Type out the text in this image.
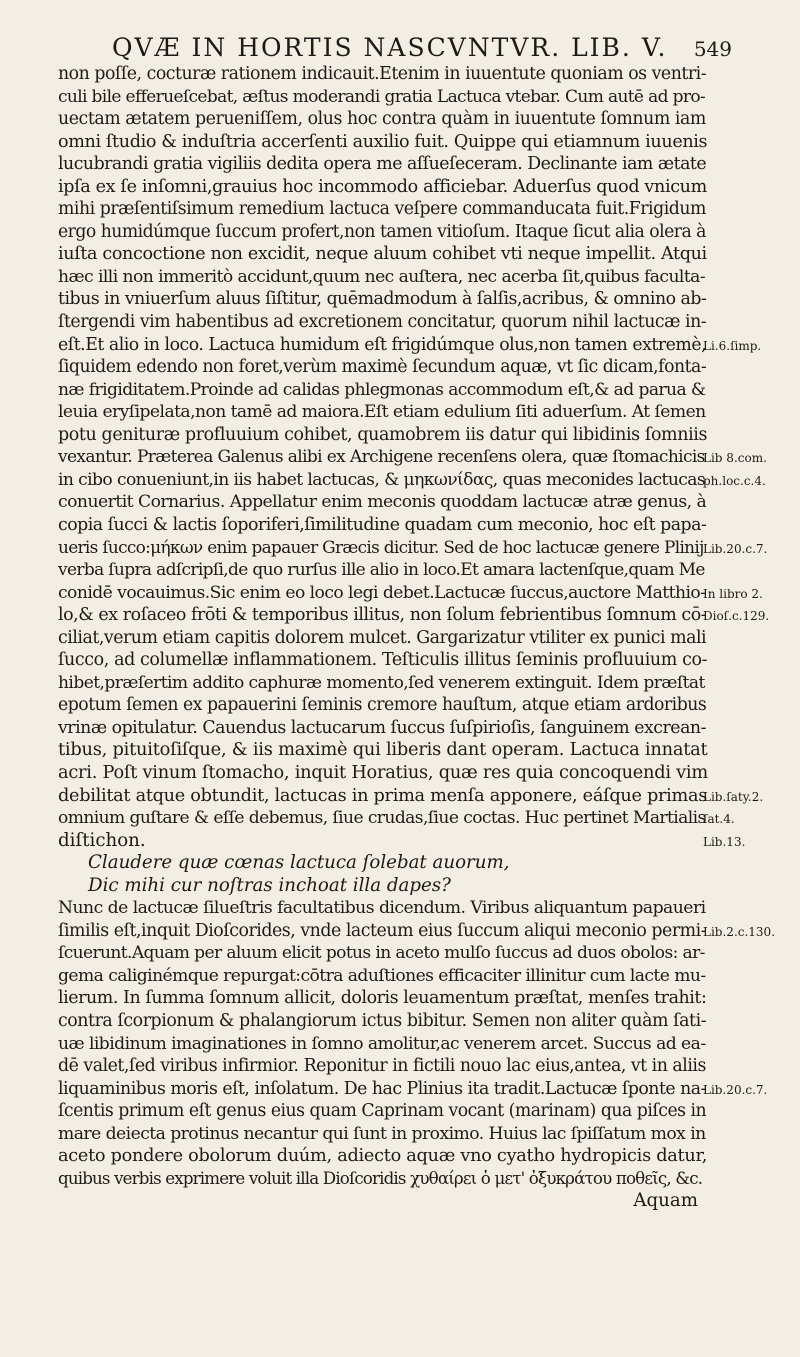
QVÆ IN HORTIS NASCVNTVR. LIB. V. 549
non poſſe, cocturæ rationem indicauit.Etenim in iuuentute quoniam os ventri-
culi bile efferueſcebat, æſtus moderandi gratia Lactuca vtebar. Cum autē ad pro-
uectam ætatem perueniſſem, olus hoc contra quàm in iuuentute ſomnum iam
omni ſtudio & induſtria accerſenti auxilio fuit. Quippe qui etiamnum iuuenis
lucubrandi gratia vigiliis dedita opera me aſſueſeceram. Declinante iam ætate
ipſa ex ſe inſomni,grauius hoc incommodo afficiebar. Aduerſus quod vnicum
mihi præſentiſsimum remedium lactuca veſpere commanducata fuit.Frigidum
ergo humidúmque ſuccum profert,non tamen vitioſum. Itaque ſicut alia olera à
iuſta concoctione non excidit, neque aluum cohibet vti neque impellit. Atqui
hæc illi non immeritò accidunt,quum nec auſtera, nec acerba ſit,quibus faculta-
tibus in vniuerſum aluus ſiſtitur, quēmadmodum à ſalſis,acribus, & omnino ab-
ſtergendi vim habentibus ad excretionem concitatur, quorum nihil lactucæ in-
eſt.Et alio in loco. Lactuca humidum eſt frigidúmque olus,non tamen extremè,
ſiquidem edendo non foret,verùm maximè ſecundum aquæ, vt ſic dicam,fonta-
næ frigiditatem.Proinde ad calidas phlegmonas accommodum eſt,& ad parua &
leuia eryſipelata,non tamē ad maiora.Eſt etiam edulium ſiti aduerſum. At ſemen
potu genituræ profluuium cohibet, quamobrem iis datur qui libidinis ſomniis
vexantur. Præterea Galenus alibi ex Archigene recenſens olera, quæ ſtomachicis
in cibo conueniunt,in iis habet lactucas, & μηκωνίδας, quas meconides lactucas
conuertit Cornarius. Appellatur enim meconis quoddam lactucæ atræ genus, à
copia ſucci & lactis ſoporiferi,ſimilitudine quadam cum meconio, hoc eſt papa-
ueris ſucco:μήκων enim papauer Græcis dicitur. Sed de hoc lactucæ genere Plinij
verba ſupra adſcripſi,de quo rurſus ille alio in loco.Et amara lactenſque,quam Me
conidē vocauimus.Sic enim eo loco legi debet.Lactucæ ſuccus,auctore Matthio-
lo,& ex roſaceo frōti & temporibus illitus, non ſolum febrientibus ſomnum cō-
ciliat,verum etiam capitis dolorem mulcet. Gargarizatur vtiliter ex punici mali
ſucco, ad columellæ inflammationem. Teſticulis illitus ſeminis profluuium co-
hibet,præſertim addito caphuræ momento,ſed venerem extinguit. Idem præſtat
epotum ſemen ex papauerini ſeminis cremore hauſtum, atque etiam ardoribus
vrinæ opitulatur. Cauendus lactucarum ſuccus ſuſpirioſis, ſanguinem excrean-
tibus, pituitoſiſque, & iis maximè qui liberis dant operam. Lactuca innatat
acri. Poſt vinum ſtomacho, inquit Horatius, quæ res quia concoquendi vim
debilitat atque obtundit, lactucas in prima menſa apponere, eáſque primas
omnium guſtare & eſſe debemus, ſiue crudas,ſiue coctas. Huc pertinet Martialis
diſtichon.
Claudere quæ cœnas lactuca ſolebat auorum,
Dic mihi cur noſtras inchoat illa dapes?
Nunc de lactucæ ſilueſtris facultatibus dicendum. Viribus aliquantum papaueri
ſimilis eſt,inquit Dioſcorides, vnde lacteum eius ſuccum aliqui meconio permi-
ſcuerunt.Aquam per aluum elicit potus in aceto mulſo ſuccus ad duos obolos: ar-
gema caliginémque repurgat:cōtra aduſtiones efficaciter illinitur cum lacte mu-
lierum. In ſumma ſomnum allicit, doloris leuamentum præſtat, menſes trahit:
contra ſcorpionum & phalangiorum ictus bibitur. Semen non aliter quàm ſati-
uæ libidinum imaginationes in ſomno amolitur,ac venerem arcet. Succus ad ea-
dē valet,ſed viribus infirmior. Reponitur in fictili nouo lac eius,antea, vt in aliis
liquaminibus moris eſt, inſolatum. De hac Plinius ita tradit.Lactucæ ſponte na-
ſcentis primum eſt genus eius quam Caprinam vocant (marinam) qua piſces in
mare deiecta protinus necantur qui ſunt in proximo. Huius lac ſpiſſatum mox in
aceto pondere obolorum duúm, adiecto aquæ vno cyatho hydropicis datur,
quibus verbis exprimere voluit illa Dioſcoridis χυθαίρει ὁ μετ' ὀξυκράτου ποθεῖς, &c.
Aquam
Li.6.ſimp.
Lib 8.com.
ph.loc.c.4.
Lib.20.c.7.
In libro 2.
Dioſ.c.129.
Lib.ſaty.2.
ſat.4.
Lib.13.
Lib.2.c.130.
Lib.20.c.7.
